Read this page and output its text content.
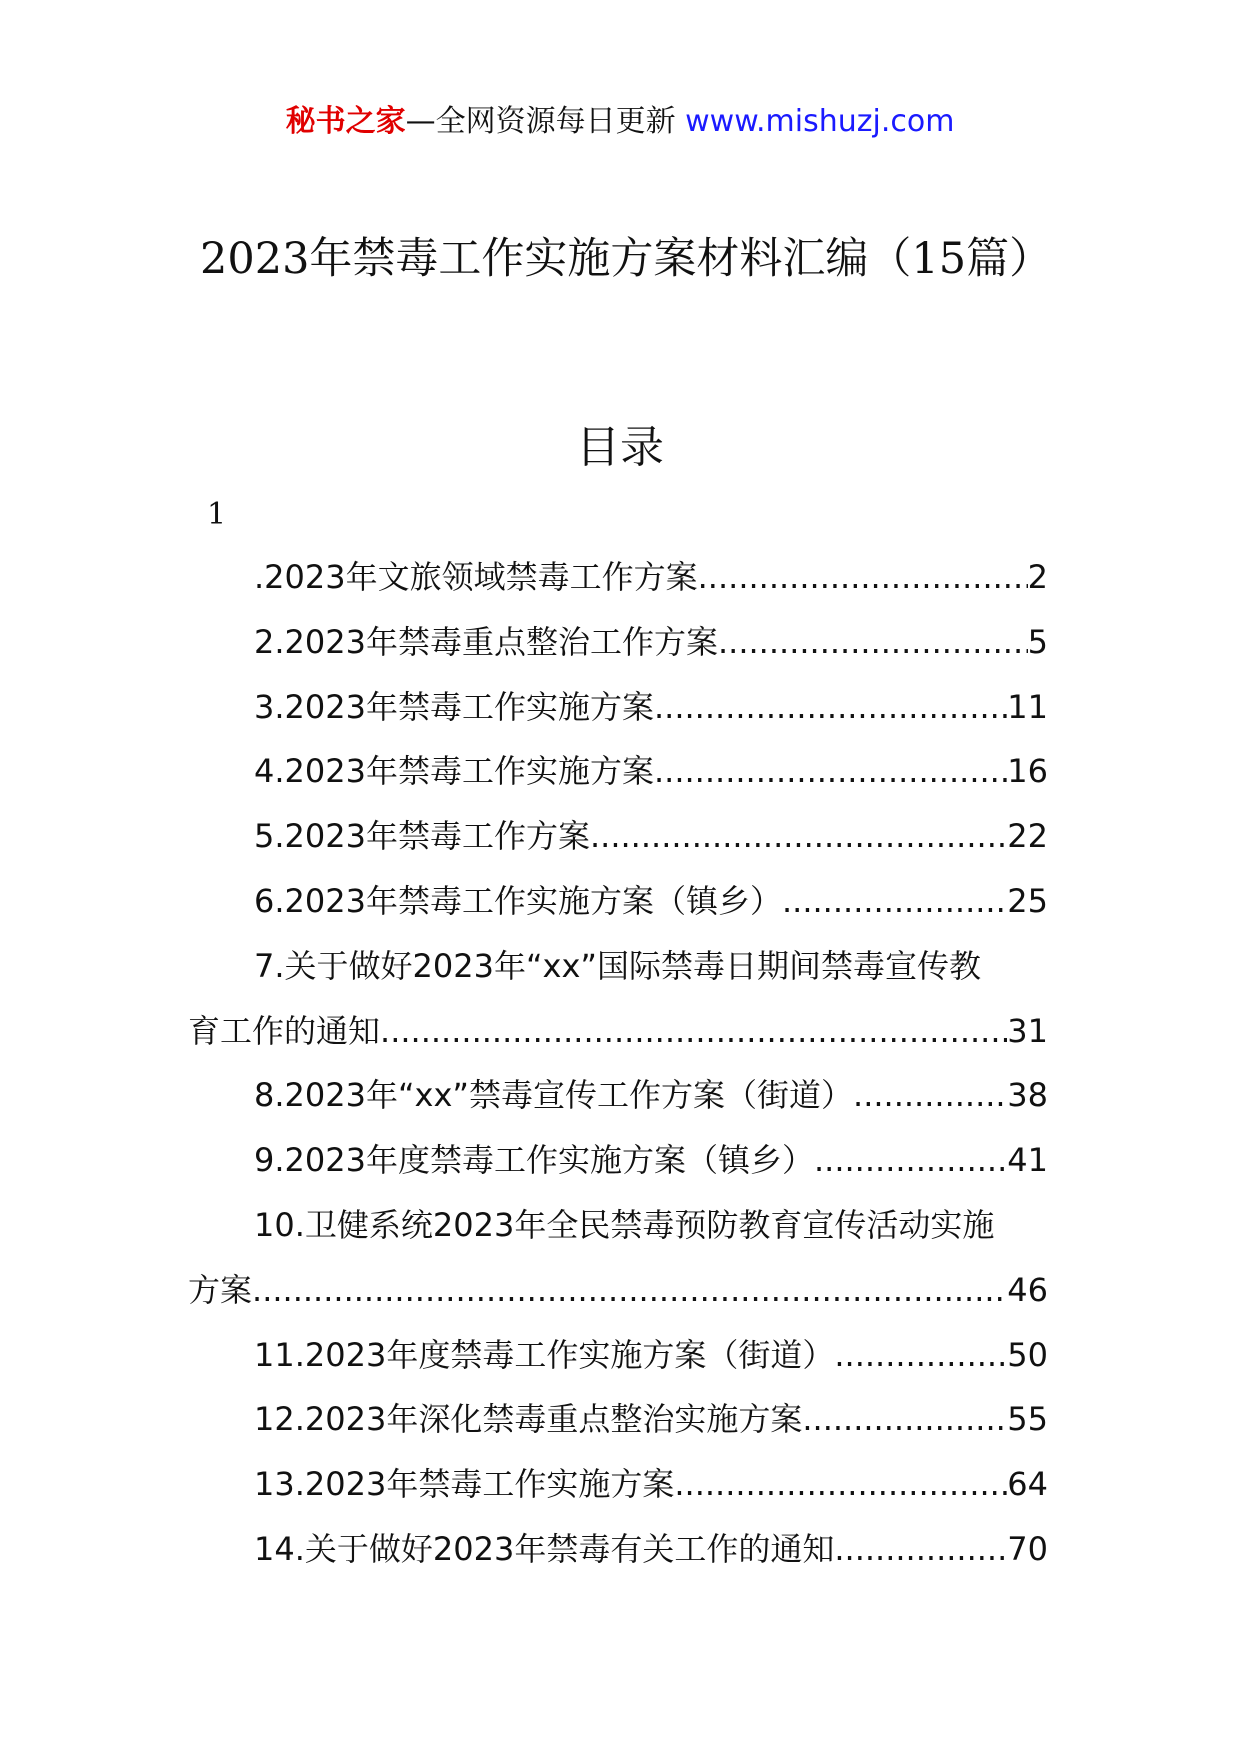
秘书之家—全网资源每日更新 www.mishuzj.com
2023年禁毒工作实施方案材料汇编（15篇）
目录
1

.2023年文旅领域禁毒工作方案 .....	2

2.2023年禁毒重点整治工作方案 .....	5

3.2023年禁毒工作实施方案 .....	11

4.2023年禁毒工作实施方案 .....	16

5.2023年禁毒工作方案 .....	22

6.2023年禁毒工作实施方案（镇乡） .....	25

7.关于做好2023年“xx”国际禁毒日期间禁毒宣传教
育工作的通知 .....	31

8.2023年“xx”禁毒宣传工作方案（街道） .....	38

9.2023年度禁毒工作实施方案（镇乡） .....	41

10.卫健系统2023年全民禁毒预防教育宣传活动实施
方案 .....	46

11.2023年度禁毒工作实施方案（街道） .....	50

12.2023年深化禁毒重点整治实施方案 .....	55

13.2023年禁毒工作实施方案 .....	64

14.关于做好2023年禁毒有关工作的通知 .....	70
